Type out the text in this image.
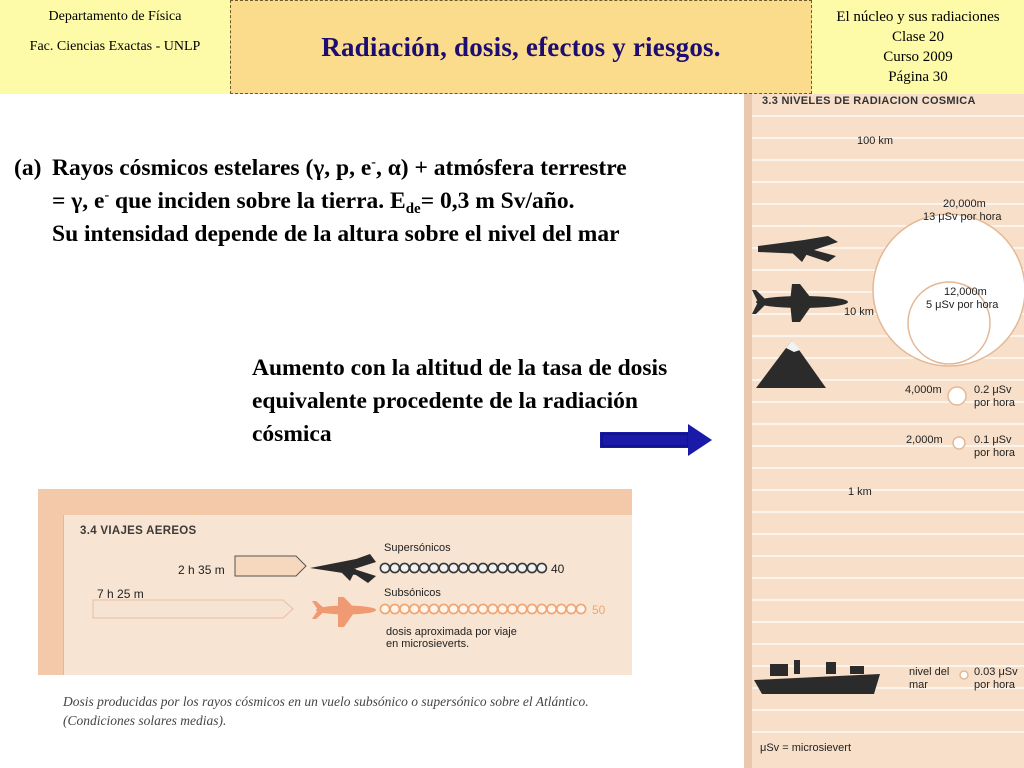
Departamento de Física
Fac. Ciencias Exactas - UNLP	Radiación, dosis, efectos y riesgos.
El núcleo y sus radiaciones
Clase 20
Curso 2009
Página 30
(a) Rayos cósmicos estelares (γ, p, e-, α) + atmósfera terrestre = γ, e- que inciden sobre la tierra. $E_{de}= 0,3$ m Sv/año.
Su intensidad depende de la altura sobre el nivel del mar
Aumento con la altitud de la tasa de dosis equivalente procedente de la radiación cósmica
3.4 VIAJES AEREOS
2 h 35 m
7 h 25 m
Supersónicos
Subsónicos
40
50
dosis aproximada por viaje en microsieverts.
Dosis producidas por los rayos cósmicos en un vuelo subsónico o supersónico sobre el Atlántico. (Condiciones solares medias).
3.3 NIVELES DE RADIACION COSMICA
100 km
20,000m
13 μSv por hora
12,000m
5 μSv por hora
10 km
4,000m	0.2 μSv
por hora
2,000m	0.1 μSv
por hora
1 km
nivel del
mar
0.03 μSv
por hora
μSv = microsievert
